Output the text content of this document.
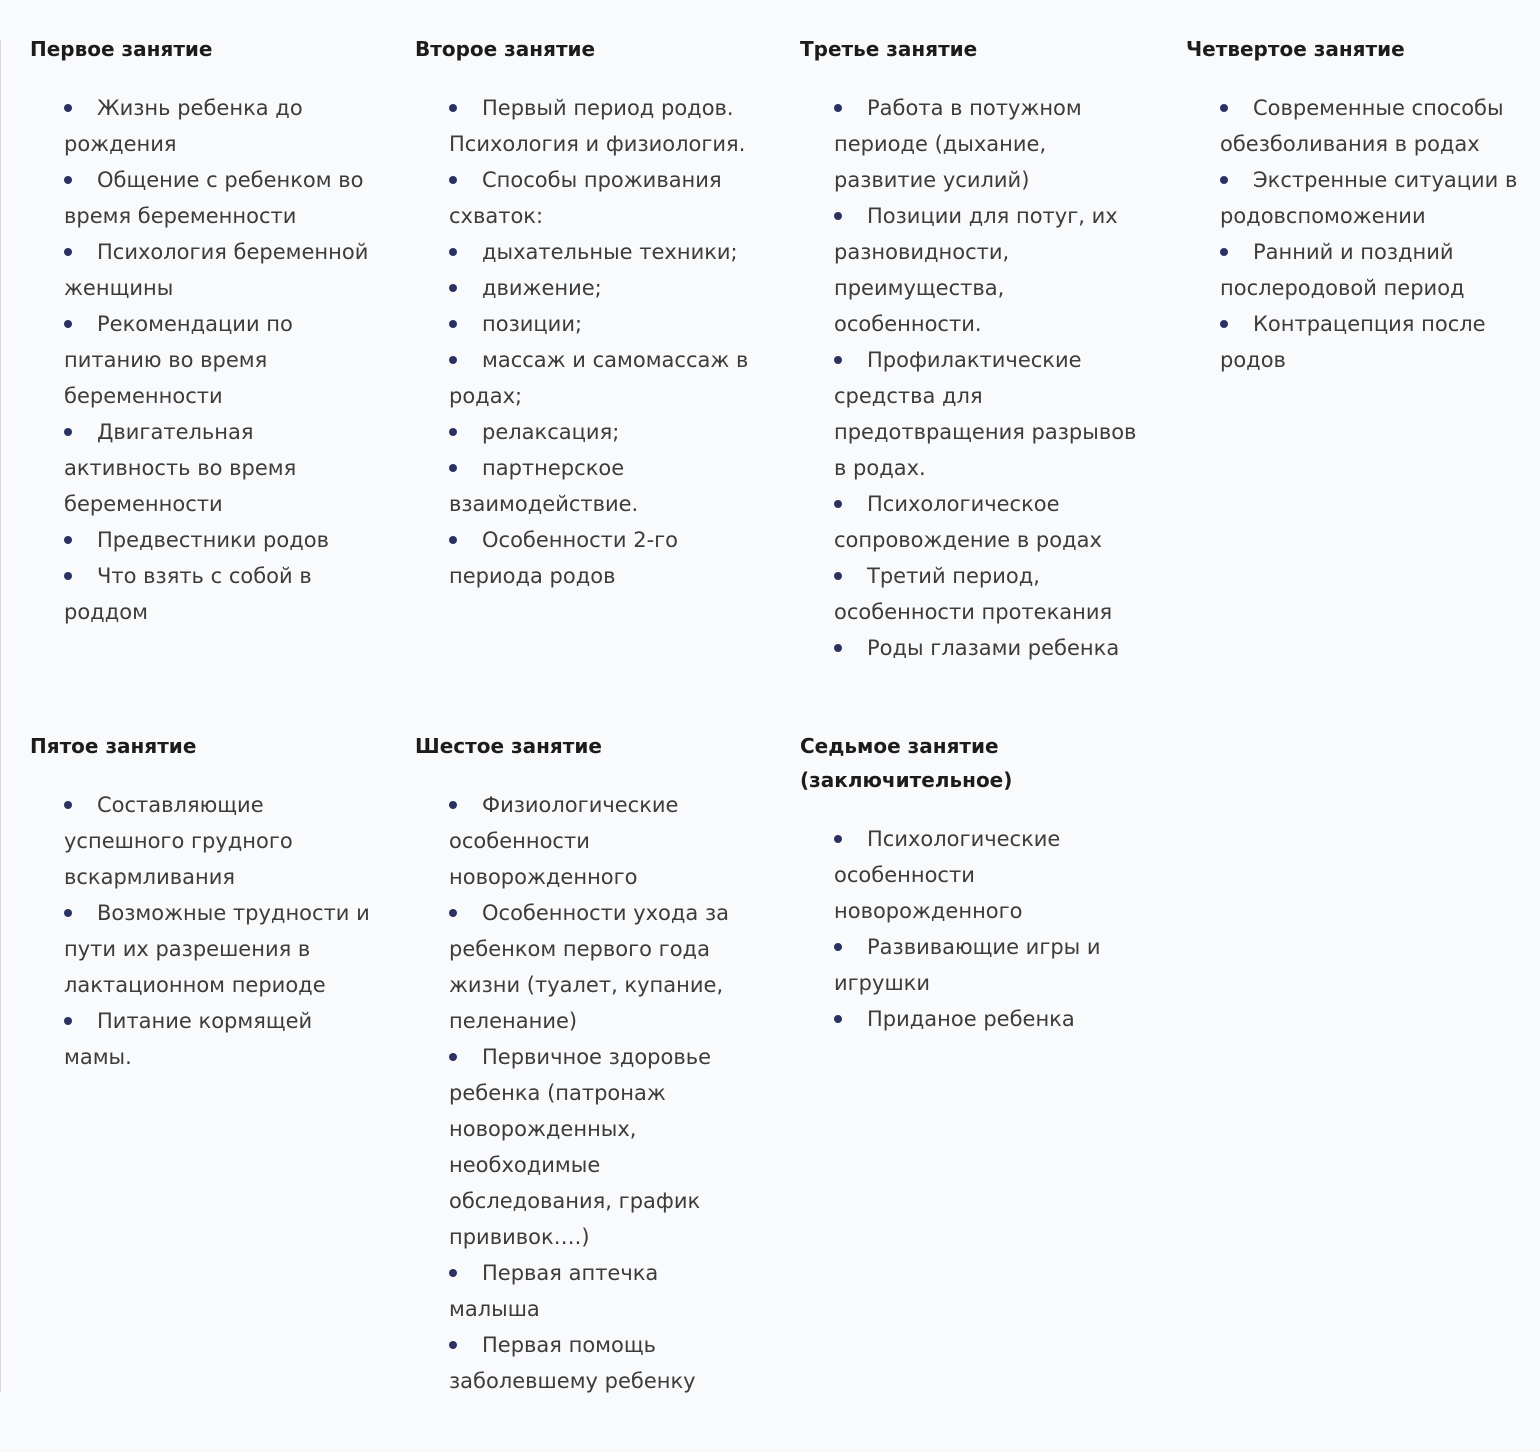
Первое занятие
Жизнь ребенка до рождения
Общение с ребенком во время беременности
Психология беременной женщины
Рекомендации по питанию во время беременности
Двигательная активность во время беременности
Предвестники родов
Что взять с собой в роддом
Второе занятие
Первый период родов. Психология и физиология.
Способы проживания схваток:
дыхательные техники;
движение;
позиции;
массаж и самомассаж в родах;
релаксация;
партнерское взаимодействие.
Особенности 2-го периода родов
Третье занятие
Работа в потужном периоде (дыхание, развитие усилий)
Позиции для потуг, их разновидности, преимущества, особенности.
Профилактические средства для предотвращения разрывов в родах.
Психологическое сопровождение в родах
Третий период, особенности протекания
Роды глазами ребенка
Четвертое занятие
Современные способы обезболивания в родах
Экстренные ситуации в родовспоможении
Ранний и поздний послеродовой период
Контрацепция после родов
Пятое занятие
Составляющие успешного грудного вскармливания
Возможные трудности и пути их разрешения в лактационном периоде
Питание кормящей мамы.
Шестое занятие
Физиологические особенности новорожденного
Особенности ухода за ребенком первого года жизни (туалет, купание, пеленание)
Первичное здоровье ребенка (патронаж новорожденных, необходимые обследования, график прививок….)
Первая аптечка малыша
Первая помощь заболевшему ребенку
Седьмое занятие
(заключительное)
Психологические особенности новорожденного
Развивающие игры и игрушки
Приданое ребенка
